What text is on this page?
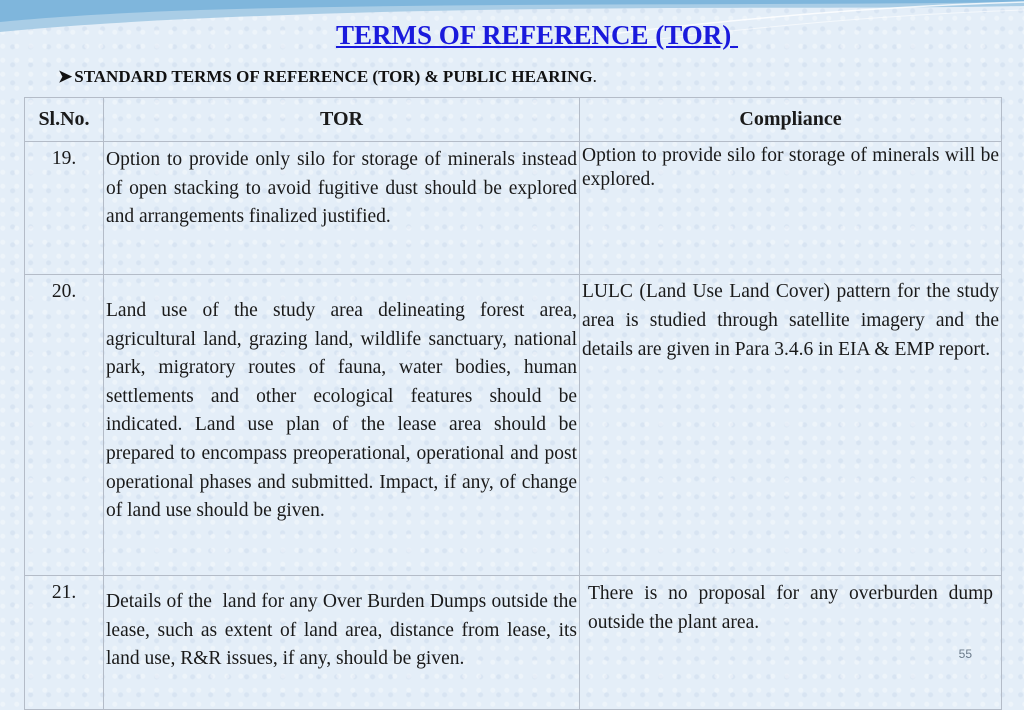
TERMS OF REFERENCE (TOR)
➤ STANDARD TERMS OF REFERENCE (TOR) & PUBLIC HEARING.
Sl.No.	TOR	Compliance
19.	Option to provide only silo for storage of minerals instead of open stacking to avoid fugitive dust should be explored and arrangements finalized justified.	Option to provide silo for storage of minerals will be explored.
20.	Land use of the study area delineating forest area, agricultural land, grazing land, wildlife sanctuary, national park, migratory routes of fauna, water bodies, human settlements and other ecological features should be indicated. Land use plan of the lease area should be prepared to encompass preoperational, operational and post operational phases and submitted. Impact, if any, of change of land use should be given.	LULC (Land Use Land Cover) pattern for the study area is studied through satellite imagery and the details are given in Para 3.4.6 in EIA & EMP report.
21.	Details of the  land for any Over Burden Dumps outside the lease, such as extent of land area, distance from lease, its land use, R&R issues, if any, should be given.	There is no proposal for any overburden dump outside the plant area.
55
